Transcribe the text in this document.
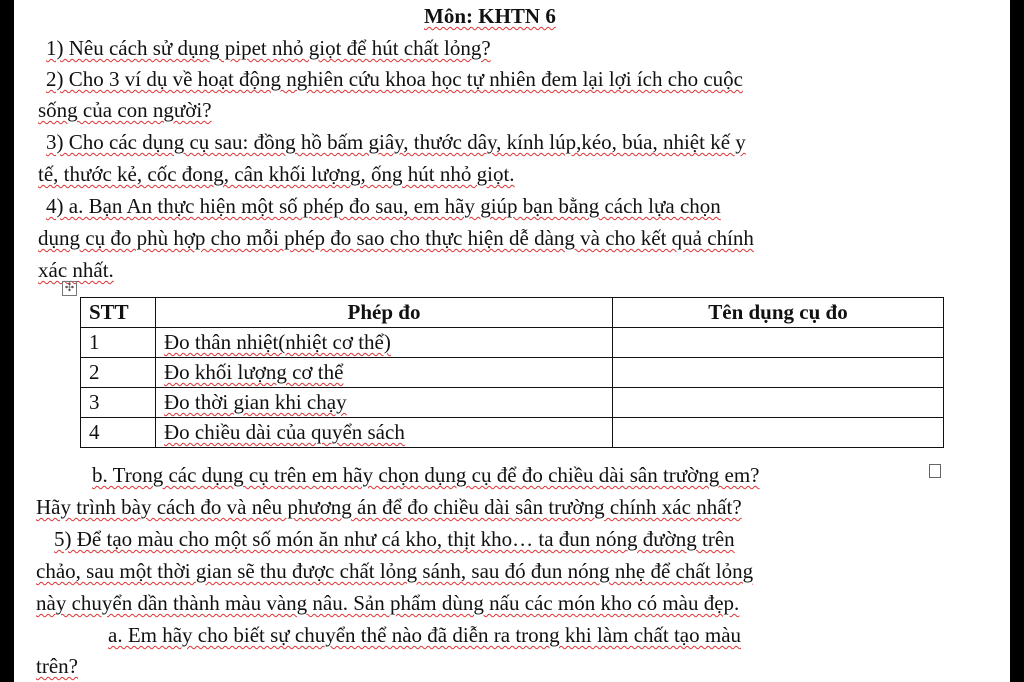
Môn: KHTN 6
1) Nêu cách sử dụng pipet nhỏ giọt để hút chất lỏng?
2) Cho 3 ví dụ về hoạt động nghiên cứu khoa học tự nhiên đem lại lợi ích cho cuộc
sống của con người?
3) Cho các dụng cụ sau: đồng hồ bấm giây, thước dây, kính lúp,kéo, búa, nhiệt kế y
tế, thước kẻ, cốc đong, cân khối lượng, ống hút nhỏ giọt.
4) a. Bạn An thực hiện một số phép đo sau, em hãy giúp bạn bằng cách lựa chọn
dụng cụ đo phù hợp cho mỗi phép đo sao cho thực hiện dễ dàng và cho kết quả chính
xác nhất.
✣
STT	Phép đo	Tên dụng cụ đo
1	Đo thân nhiệt(nhiệt cơ thể)	
2	Đo khối lượng cơ thể	
3	Đo thời gian khi chạy	
4	Đo chiều dài của quyển sách	
b. Trong các dụng cụ trên em hãy chọn dụng cụ để đo chiều dài sân trường em?
Hãy trình bày cách đo và nêu phương án để đo chiều dài sân trường chính xác nhất?
5) Để tạo màu cho một số món ăn như cá kho, thịt kho… ta đun nóng đường trên
chảo, sau một thời gian sẽ thu được chất lỏng sánh, sau đó đun nóng nhẹ để chất lỏng
này chuyển dần thành màu vàng nâu. Sản phẩm dùng nấu các món kho có màu đẹp.
a. Em hãy cho biết sự chuyển thể nào đã diễn ra trong khi làm chất tạo màu
trên?
